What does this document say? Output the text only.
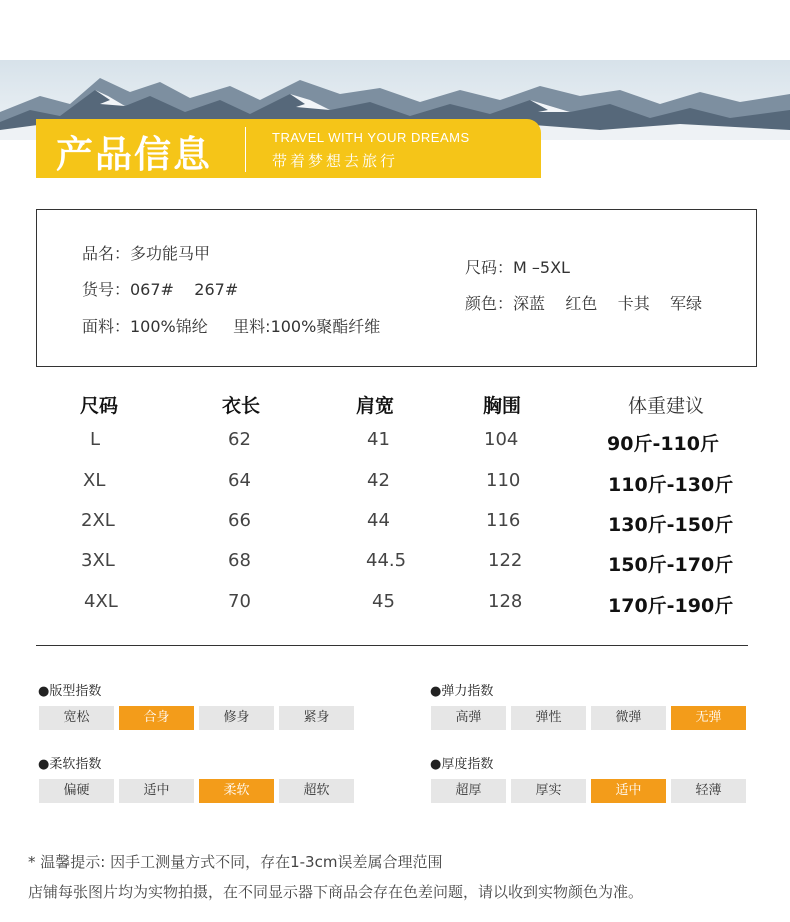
产品信息	TRAVEL WITH YOUR DREAMS
带着梦想去旅行
品名：多功能马甲
货号：067#    267#
面料：100%锦纶     里料:100%聚酯纤维
尺码：M –5XL
颜色：深蓝    红色    卡其    军绿
尺码	衣长	肩宽	胸围	体重建议
L	62	41	104	90斤-110斤
XL	64	42	110	110斤-130斤
2XL	66	44	116	130斤-150斤
3XL	68	44.5	122	150斤-170斤
4XL	70	45	128	170斤-190斤
●版型指数
宽松	合身	修身	紧身
●弹力指数
高弹	弹性	微弹	无弹
●柔软指数
偏硬	适中	柔软	超软
●厚度指数
超厚	厚实	适中	轻薄
* 温馨提示: 因手工测量方式不同，存在1-3cm误差属合理范围
店铺每张图片均为实物拍摄，在不同显示器下商品会存在色差问题，请以收到实物颜色为准。
